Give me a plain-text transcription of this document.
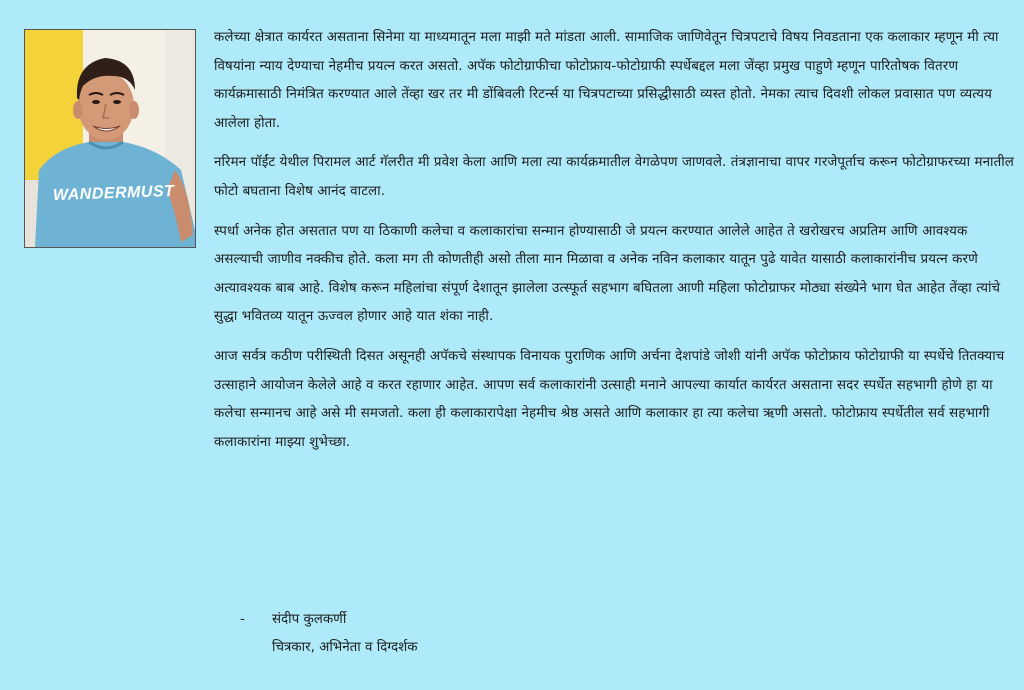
WANDERMUST

कलेच्या क्षेत्रात कार्यरत असताना सिनेमा या माध्यमातून मला माझी मते मांडता आली. सामाजिक जाणिवेतून चित्रपटाचे विषय निवडताना एक कलाकार म्हणून मी त्या विषयांना न्याय देण्याचा नेहमीच प्रयत्न करत असतो. अपॅक फोटोग्राफीचा फोटोफ्राय-फोटोग्राफी स्पर्धेबद्दल मला जेंव्हा प्रमुख पाहुणे म्हणून पारितोषक वितरण कार्यक्रमासाठी निमंत्रित करण्यात आले तेंव्हा खर तर मी डोंबिवली रिटर्न्स या चित्रपटाच्या प्रसिद्धीसाठी व्यस्त होतो. नेमका त्याच दिवशी लोकल प्रवासात पण व्यत्यय आलेला होता.

नरिमन पॉईंट येथील पिरामल आर्ट गॅलरीत मी प्रवेश केला आणि मला त्या कार्यक्रमातील वेगळेपण जाणवले. तंत्रज्ञानाचा वापर गरजेपूर्ताच करून फोटोग्राफरच्या मनातील फोटो बघताना विशेष आनंद वाटला.

स्पर्धा अनेक होत असतात पण या ठिकाणी कलेचा व कलाकारांचा सन्मान होण्यासाठी जे प्रयत्न करण्यात आलेले आहेत ते खरोखरच अप्रतिम आणि आवश्यक असल्याची जाणीव नक्कीच होते. कला मग ती कोणतीही असो तीला मान मिळावा व अनेक नविन कलाकार यातून पुढे यावेत यासाठी कलाकारांनीच प्रयत्न करणे अत्यावश्यक बाब आहे. विशेष करून महिलांचा संपूर्ण देशातून झालेला उत्स्फूर्त सहभाग बघितला आणी महिला फोटोग्राफर मोठ्या संख्येने भाग घेत आहेत तेंव्हा त्यांचे सुद्धा भवितव्य यातून ऊज्वल होणार आहे यात शंका नाही.

आज सर्वत्र कठीण परीस्थिती दिसत असूनही अपॅकचे संस्थापक विनायक पुराणिक आणि अर्चना देशपांडे जोशी यांनी अपॅक फोटोफ्राय फोटोग्राफी या स्पर्धेचे तितक्याच उत्साहाने आयोजन केलेले आहे व करत रहाणार आहेत. आपण सर्व कलाकारांनी उत्साही मनाने आपल्या कार्यात कार्यरत असताना सदर स्पर्धेत सहभागी होणे हा या कलेचा सन्मानच आहे असे मी समजतो. कला ही कलाकारापेक्षा नेहमीच श्रेष्ठ असते आणि कलाकार हा त्या कलेचा ऋणी असतो. फोटोफ्राय स्पर्धेतील सर्व सहभागी कलाकारांना माझ्या शुभेच्छा.

-	संदीप कुलकर्णी
चित्रकार, अभिनेता व दिग्दर्शक
